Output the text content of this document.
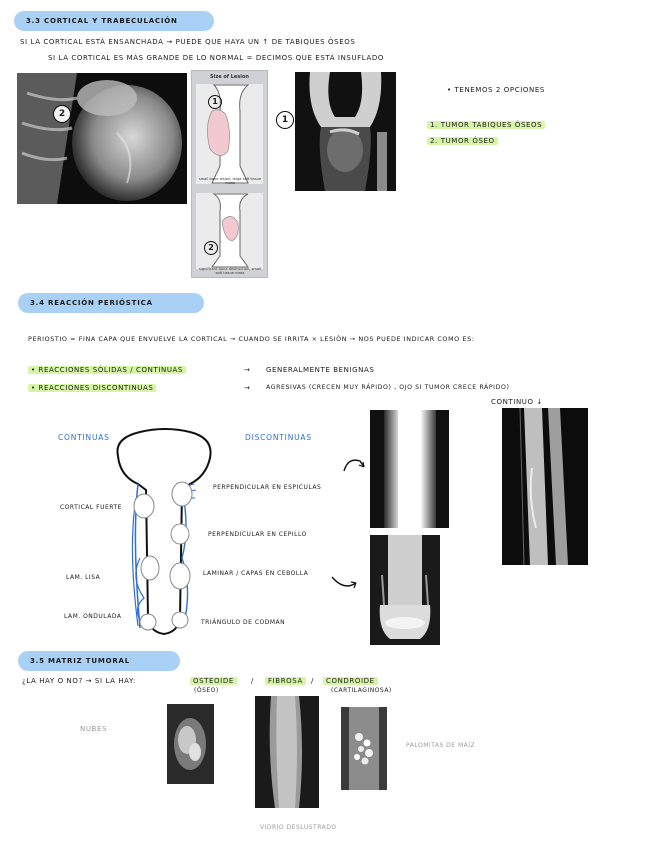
3.3 CORTICAL Y TRABECULACIÓN
SI LA CORTICAL ESTÁ ENSANCHADA → PUEDE QUE HAYA UN ↑ DE TABIQUES ÓSEOS
SI LA CORTICAL ES MÁS GRANDE DE LO NORMAL = DECIMOS QUE ESTÁ INSUFLADO
2
Size of Lesion
small bone lesion, large soft tissue mass
significant bone destruction, small soft tissue mass
1
2
1
• TENEMOS 2 OPCIONES
1. TUMOR TABIQUES ÓSEOS
2. TUMOR ÓSEO
3.4 REACCIÓN PERIÓSTICA
PERIOSTIO = FINA CAPA QUE ENVUELVE LA CORTICAL → CUANDO SE IRRITA × LESIÓN → NOS PUEDE INDICAR COMO ES:
• REACCIONES SÓLIDAS / CONTINUAS	→ GENERALMENTE BENIGNAS
• REACCIONES DISCONTINUAS	→	AGRESIVAS (CRECEN MUY RÁPIDO) , OJO SI TUMOR CRECE RÁPIDO)
CONTINUO ↓
CONTINUAS	DISCONTINUAS
CORTICAL FUERTE
LAM. LISA
LAM. ONDULADA
PERPENDICULAR EN ESPICULAS
PERPENDICULAR EN CEPILLO
LAMINAR / CAPAS EN CEBOLLA
TRIÁNGULO DE CODMAN
3.5 MATRIZ TUMORAL
¿LA HAY O NO? → SI LA HAY:	OSTEOIDE
(ÓSEO)
/	FIBROSA	/	CONDROIDE
(CARTILAGINOSA)
NUBES
PALOMITAS DE MAÍZ
VIDRIO DESLUSTRADO
